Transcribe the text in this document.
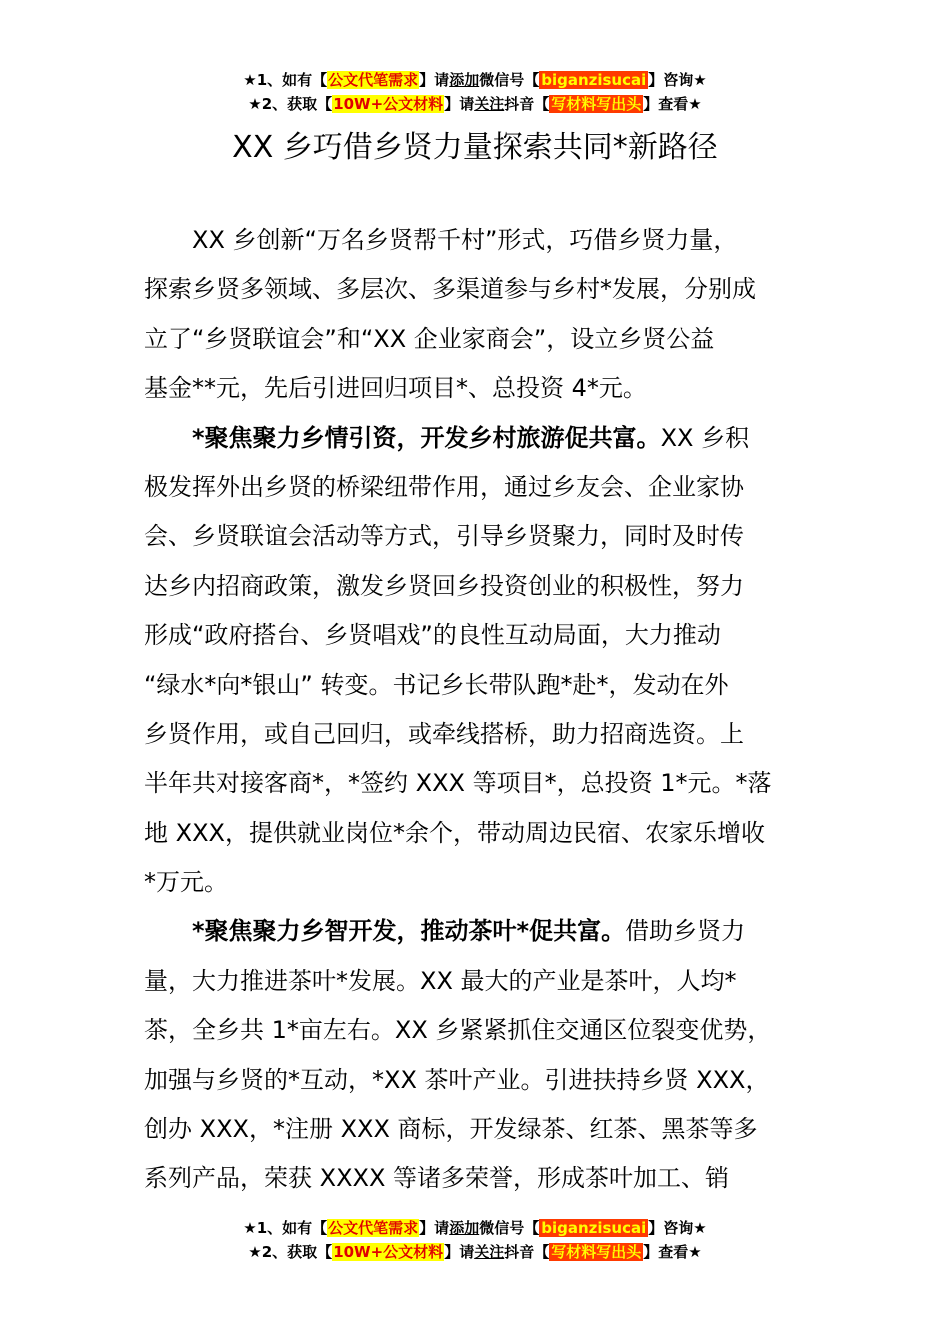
★1、如有【公文代笔需求】请添加微信号【 biganzisucai 】咨询★
★2、获取【10W+公文材料】请关注抖音【 写材料写出头 】查看★
XX 乡巧借乡贤力量探索共同*新路径
XX 乡创新“万名乡贤帮千村”形式，巧借乡贤力量，
探索乡贤多领域、多层次、多渠道参与乡村*发展，分别成
立了“乡贤联谊会”和“XX 企业家商会”，设立乡贤公益
基金**元，先后引进回归项目*、总投资 4*元。
*聚焦聚力乡情引资，开发乡村旅游促共富。XX 乡积
极发挥外出乡贤的桥梁纽带作用，通过乡友会、企业家协
会、乡贤联谊会活动等方式，引导乡贤聚力，同时及时传
达乡内招商政策，激发乡贤回乡投资创业的积极性，努力
形成“政府搭台、乡贤唱戏”的良性互动局面，大力推动
“绿水*向*银山” 转变。书记乡长带队跑*赴*，发动在外
乡贤作用，或自己回归，或牵线搭桥，助力招商选资。上
半年共对接客商*，*签约 XXX 等项目*，总投资 1*元。*落
地 XXX，提供就业岗位*余个，带动周边民宿、农家乐增收
*万元。
*聚焦聚力乡智开发，推动茶叶*促共富。借助乡贤力
量，大力推进茶叶*发展。XX 最大的产业是茶叶，人均*
茶，全乡共 1*亩左右。XX 乡紧紧抓住交通区位裂变优势，
加强与乡贤的*互动，*XX 茶叶产业。引进扶持乡贤 XXX，
创办 XXX，*注册 XXX 商标，开发绿茶、红茶、黑茶等多
系列产品，荣获 XXXX 等诸多荣誉，形成茶叶加工、销
★1、如有【公文代笔需求】请添加微信号【 biganzisucai 】咨询★
★2、获取【10W+公文材料】请关注抖音【 写材料写出头 】查看★
